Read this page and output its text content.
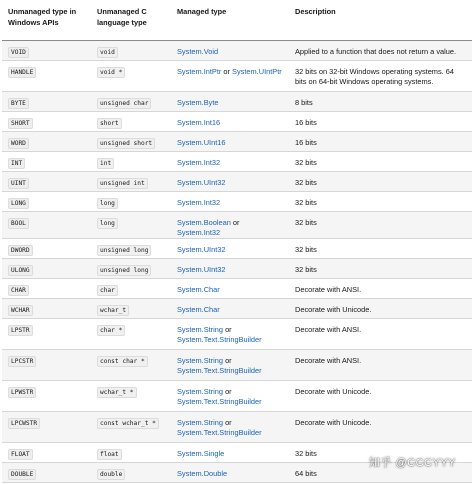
Unmanaged type in Windows APIs	Unmanaged C language type	Managed type	Description
VOID	void	System.Void	Applied to a function that does not return a value.
HANDLE	void *	System.IntPtr or System.UIntPtr	32 bits on 32-bit Windows operating systems. 64 bits on 64-bit Windows operating systems.
BYTE	unsigned char	System.Byte	8 bits
SHORT	short	System.Int16	16 bits
WORD	unsigned short	System.UInt16	16 bits
INT	int	System.Int32	32 bits
UINT	unsigned int	System.UInt32	32 bits
LONG	long	System.Int32	32 bits
BOOL	long	System.Boolean or System.Int32	32 bits
DWORD	unsigned long	System.UInt32	32 bits
ULONG	unsigned long	System.UInt32	32 bits
CHAR	char	System.Char	Decorate with ANSI.
WCHAR	wchar_t	System.Char	Decorate with Unicode.
LPSTR	char *	System.String or System.Text.StringBuilder	Decorate with ANSI.
LPCSTR	const char *	System.String or System.Text.StringBuilder	Decorate with ANSI.
LPWSTR	wchar_t *	System.String or System.Text.StringBuilder	Decorate with Unicode.
LPCWSTR	const wchar_t *	System.String or System.Text.StringBuilder	Decorate with Unicode.
FLOAT	float	System.Single	32 bits
DOUBLE	double	System.Double	64 bits
知乎 @CCCYYY
